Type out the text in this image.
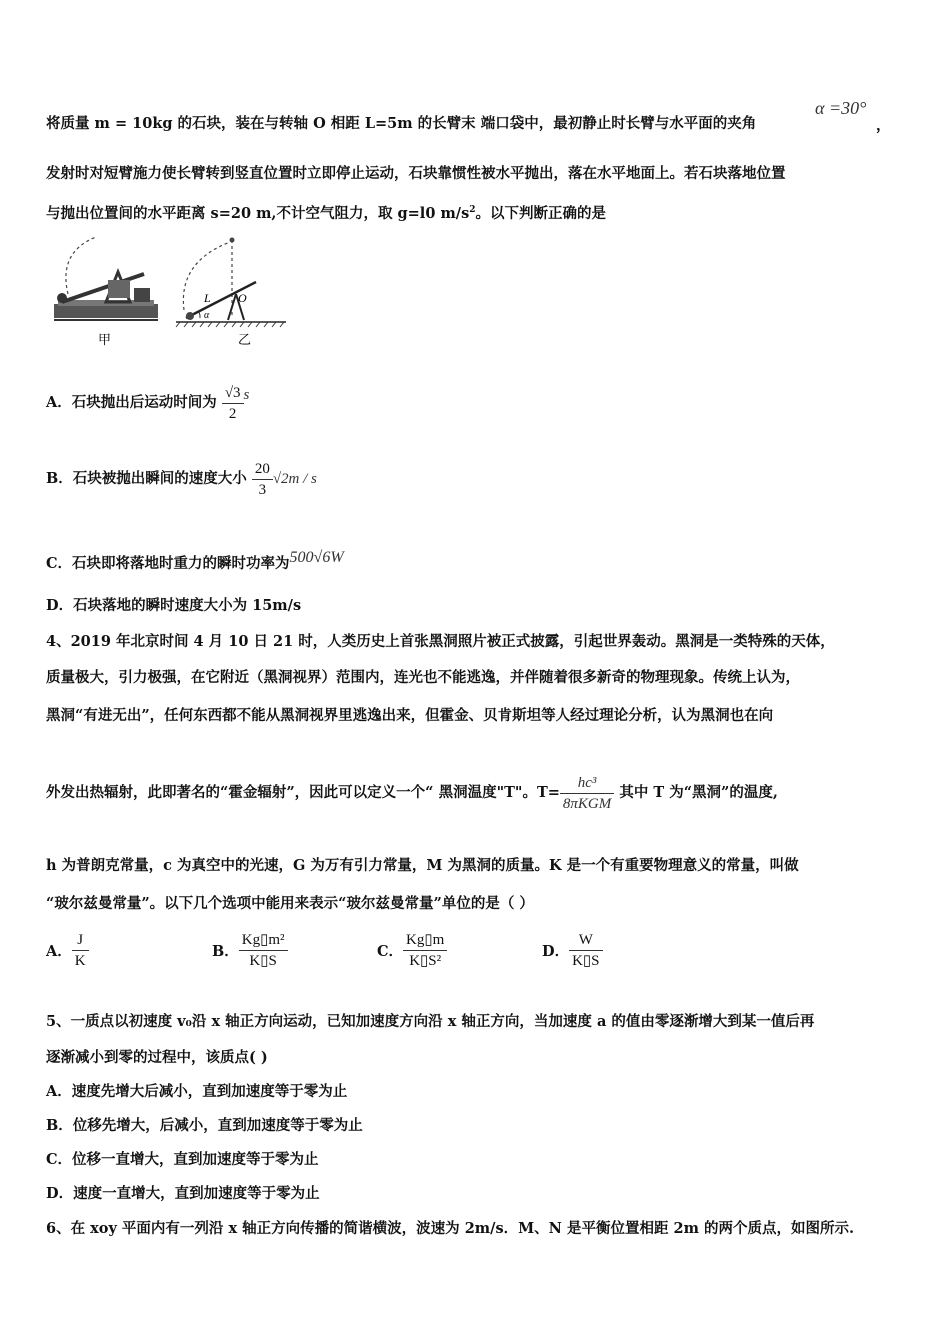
将质量 m = 10kg 的石块，装在与转轴 O 相距 L=5m 的长臂末 端口袋中，最初静止时长臂与水平面的夹角
α =30°
，
发射时对短臂施力使长臂转到竖直位置时立即停止运动，石块靠惯性被水平抛出，落在水平地面上。若石块落地位置
与抛出位置间的水平距离 s=20 m,不计空气阻力，取 g=l0 $m/s^2$。以下判断正确的是
甲
L O
α
乙
A．石块抛出后运动时间为 $\frac{√3}{2}$ s
B．石块被抛出瞬间的速度大小 $\frac{20}{3} √2m$ / s
C．石块即将落地时重力的瞬时功率为500√6W
D．石块落地的瞬时速度大小为 15m/s
4、2019 年北京时间 4 月 10 日 21 时，人类历史上首张黑洞照片被正式披露，引起世界轰动。黑洞是一类特殊的天体，
质量极大，引力极强，在它附近（黑洞视界）范围内，连光也不能逃逸，并伴随着很多新奇的物理现象。传统上认为，
黑洞“有进无出”，任何东西都不能从黑洞视界里逃逸出来，但霍金、贝肯斯坦等人经过理论分析，认为黑洞也在向
外发出热辐射，此即著名的“霍金辐射”，因此可以定义一个“ 黑洞温度"T"。$T= \frac{\text{hc³}}{\text{8πKGM}}$ 其中 T 为“黑洞”的温度,
h 为普朗克常量，c 为真空中的光速，G 为万有引力常量，M 为黑洞的质量。K 是一个有重要物理意义的常量，叫做
“玻尔兹曼常量”。以下几个选项中能用来表示“玻尔兹曼常量”单位的是（ ）
A． $\frac{J}{K}$	B． $\frac{\text{Kg▯m²}}{K▯S}$	C． $\frac{Kg▯m}{\text{K▯S²}}$	D． $\frac{W}{K▯S}$
5、一质点以初速度 v₀沿 x 轴正方向运动，已知加速度方向沿 x 轴正方向，当加速度 a 的值由零逐渐增大到某一值后再
逐渐减小到零的过程中，该质点( )
A．速度先增大后减小，直到加速度等于零为止
B．位移先增大，后减小，直到加速度等于零为止
C．位移一直增大，直到加速度等于零为止
D．速度一直增大，直到加速度等于零为止
6、在 xoy 平面内有一列沿 x 轴正方向传播的简谐横波，波速为 2m/s．M、N 是平衡位置相距 2m 的两个质点，如图所示.
